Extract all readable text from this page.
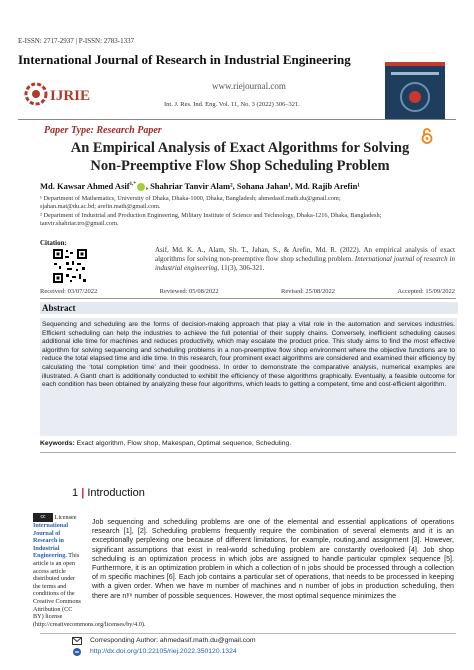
E-ISSN: 2717-2937 | P-ISSN: 2783-1337
International Journal of Research in Industrial Engineering
IJRIE
www.riejournal.com
Int. J. Res. Ind. Eng. Vol. 11, No. 3 (2022) 306–321.
Paper Type: Research Paper
An Empirical Analysis of Exact Algorithms for Solving
Non-Preemptive Flow Shop Scheduling Problem
Md. Kawsar Ahmed Asif$^{1,*}$ , Shahriar Tanvir Alam², Sohana Jahan¹, Md. Rajib Arefin¹
¹ Department of Mathematics, University of Dhaka, Dhaka-1000, Dhaka, Bangladesh; ahmedasif.math.du@gmail.com;
sjahan.mat@du.ac.bd; arefin.math@gmail.com.
² Department of Industrial and Production Engineering, Military Institute of Science and Technology, Dhaka-1216, Dhaka, Bangladesh;
tanvir.shahriar.tro@gmail.com.
Citation:
Asif, Md. K. A., Alam, Sh. T., Jahan, S., & Arefin, Md. R. (2022). An empirical analysis of exact algorithms for solving non-preemptive flow shop scheduling problem. International journal of research in industrial engineering, 11(3), 306-321.
Received: 03/07/2022	Reviewed: 05/08/2022	Revised: 25/08/2022	Accepted: 15/09/2022
Abstract
Sequencing and scheduling are the forms of decision-making approach that play a vital role in the automation and services industries. Efficient scheduling can help the industries to achieve the full potential of their supply chains. Conversely, inefficient scheduling causes additional idle time for machines and reduces productivity, which may escalate the product price. This study aims to find the most effective algorithm for solving sequencing and scheduling problems in a non-preemptive flow shop environment where the objective functions are to reduce the total elapsed time and idle time. In this research, four prominent exact algorithms are considered and examined their efficiency by calculating the ‘total completion time’ and their goodness. In order to demonstrate the comparative analysis, numerical examples are illustrated. A Gantt chart is additionally conducted to exhibit the efficiency of these algorithms graphically. Eventually, a feasible outcome for each condition has been obtained by analyzing these four algorithms, which leads to getting a competent, time and cost-efficient algorithm.
Keywords: Exact algorithm, Flow shop, Makespan, Optimal sequence, Scheduling.
1 | Introduction
cc Licensee
International Journal of Research in Industrial Engineering. This article is an open access article distributed under the terms and conditions of the Creative Commons Attribution (CC BY) license (http://creativecommons.org/licenses/by/4.0).
Job sequencing and scheduling problems are one of the elemental and essential applications of operations research [1], [2]. Scheduling problems frequently require the combination of several elements and it is an exceptionally perplexing one because of different limitations, for example, routing,and assignment [3]. However, significant assumptions that exist in real-world scheduling problem are constantly overlooked [4]. Job shop scheduling is an optimization process in which jobs are assigned to handle particular cpmplex sequence [5]. Furthermore, it is an optimization problem in which a collection of n jobs should be processed through a collection of m specific machines [6]. Each job contains a particular set of operations, that needs to be processed in keeping with a given order. When we have m number of machines and n number of jobs in production scheduling, then there are n!ᵐ number of possible sequences. However, the most optimal sequence minimizes the
Corresponding Author: ahmedasif.math.du@gmail.com
http://dx.doi.org/10.22105/riej.2022.350120.1324
